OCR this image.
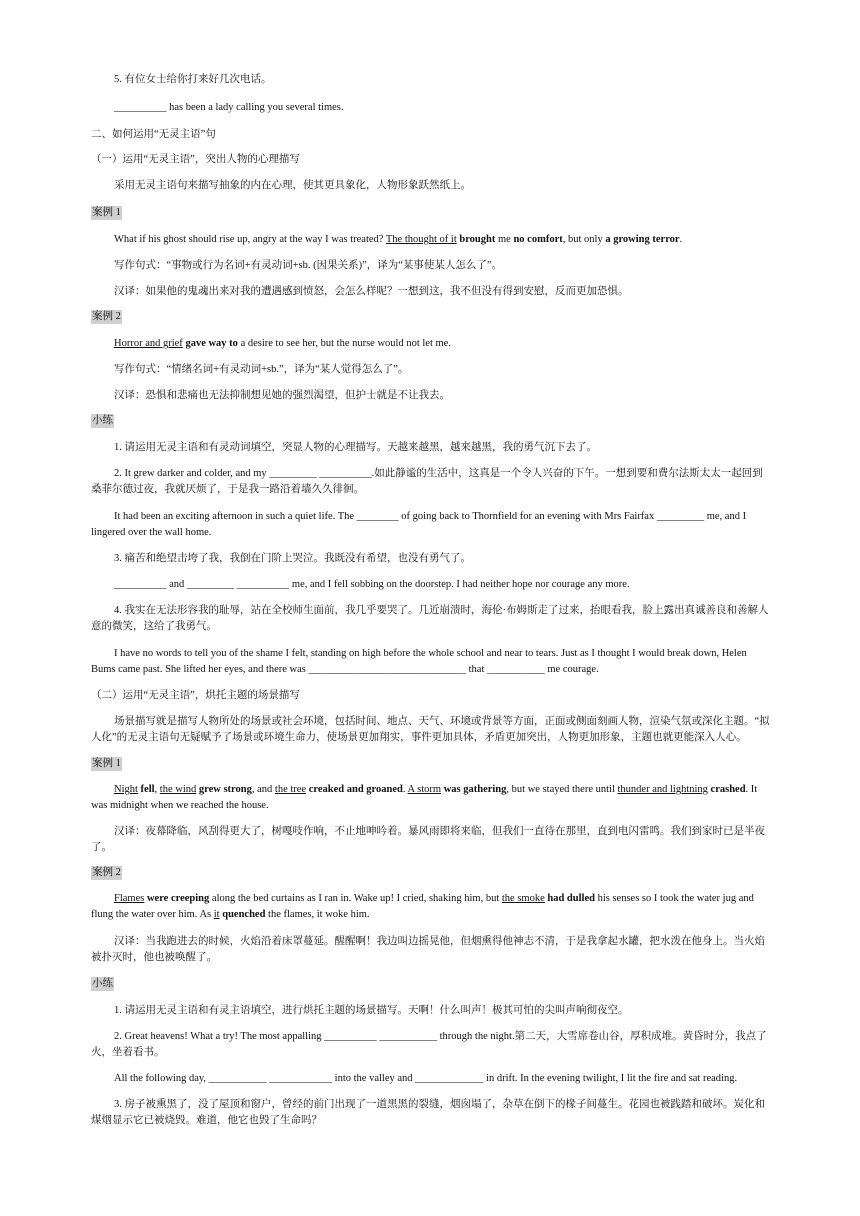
5. 有位女士给你打来好几次电话。
__________ has been a lady calling you several times.
二、如何运用“无灵主语”句
（一）运用“无灵主语”，突出人物的心理描写
采用无灵主语句来描写抽象的内在心理，使其更具象化，人物形象跃然纸上。
案例 1
What if his ghost should rise up, angry at the way I was treated? The thought of it brought me no comfort, but only a growing terror.
写作句式：“事物或行为名词+有灵动词+sb. (因果关系)”，译为“某事使某人怎么了”。
汉译：如果他的鬼魂出来对我的遭遇感到愤怒，会怎么样呢？一想到这，我不但没有得到安慰，反而更加恐惧。
案例 2
Horror and grief gave way to a desire to see her, but the nurse would not let me.
写作句式：“情绪名词+有灵动词+sb.”，译为“某人觉得怎么了”。
汉译：恐惧和悲痛也无法抑制想见她的强烈渴望，但护士就是不让我去。
小练
1. 请运用无灵主语和有灵动词填空，突显人物的心理描写。天越来越黑，越来越黑，我的勇气沉下去了。
2. It grew darker and colder, and my _________ __________.如此静谧的生活中，这真是一个令人兴奋的下午。一想到要和费尔法斯太太一起回到桑菲尔德过夜，我就厌烦了，于是我一路沿着墙久久徘徊。
It had been an exciting afternoon in such a quiet life. The ________ of going back to Thornfield for an evening with Mrs Fairfax _________ me, and I lingered over the wall home.
3. 痛苦和绝望击垮了我，我倒在门阶上哭泣。我既没有希望，也没有勇气了。
__________ and _________ __________ me, and I fell sobbing on the doorstep. I had neither hope nor courage any more.
4. 我实在无法形容我的耻辱，站在全校师生面前，我几乎要哭了。几近崩溃时，海伦·布姆斯走了过来，抬眼看我，脸上露出真诚善良和善解人意的微笑，这给了我勇气。
I have no words to tell you of the shame I felt, standing on high before the whole school and near to tears. Just as I thought I would break down, Helen Bums came past. She lifted her eyes, and there was ______________________________ that ___________ me courage.
（二）运用“无灵主语”，烘托主题的场景描写
场景描写就是描写人物所处的场景或社会环境，包括时间、地点、天气、环境或背景等方面，正面或侧面刻画人物，渲染气氛或深化主题。“拟人化”的无灵主语句无疑赋予了场景或环境生命力，使场景更加翔实，事件更加具体，矛盾更加突出，人物更加形象，主题也就更能深入人心。
案例 1
Night fell, the wind grew strong, and the tree creaked and groaned. A storm was gathering, but we stayed there until thunder and lightning crashed. It was midnight when we reached the house.
汉译：夜幕降临，风刮得更大了，树嘎吱作响，不止地呻吟着。暴风雨即将来临，但我们一直待在那里，直到电闪雷鸣。我们到家时已是半夜了。
案例 2
Flames were creeping along the bed curtains as I ran in. Wake up! I cried, shaking him, but the smoke had dulled his senses so I took the water jug and flung the water over him. As it quenched the flames, it woke him.
汉译：当我跑进去的时候，火焰沿着床罩蔓延。醒醒啊！我边叫边摇晃他，但烟熏得他神志不清，于是我拿起水罐，把水泼在他身上。当火焰被扑灭时，他也被唤醒了。
小练
1. 请运用无灵主语和有灵主语填空，进行烘托主题的场景描写。天啊！什么叫声！极其可怕的尖叫声响彻夜空。
2. Great heavens! What a try! The most appalling __________ ___________ through the night.第二天，大雪席卷山谷，厚积成堆。黄昏时分，我点了火，坐着看书。
All the following day, ___________ ____________ into the valley and _____________ in drift. In the evening twilight, I lit the fire and sat reading.
3. 房子被熏黑了，没了屋顶和窗户，曾经的前门出现了一道黑黑的裂缝，烟囱塌了，杂草在倒下的椽子间蔓生。花园也被践踏和破坏。炭化和煤烟显示它已被烧毁。难道，他它也毁了生命吗？
